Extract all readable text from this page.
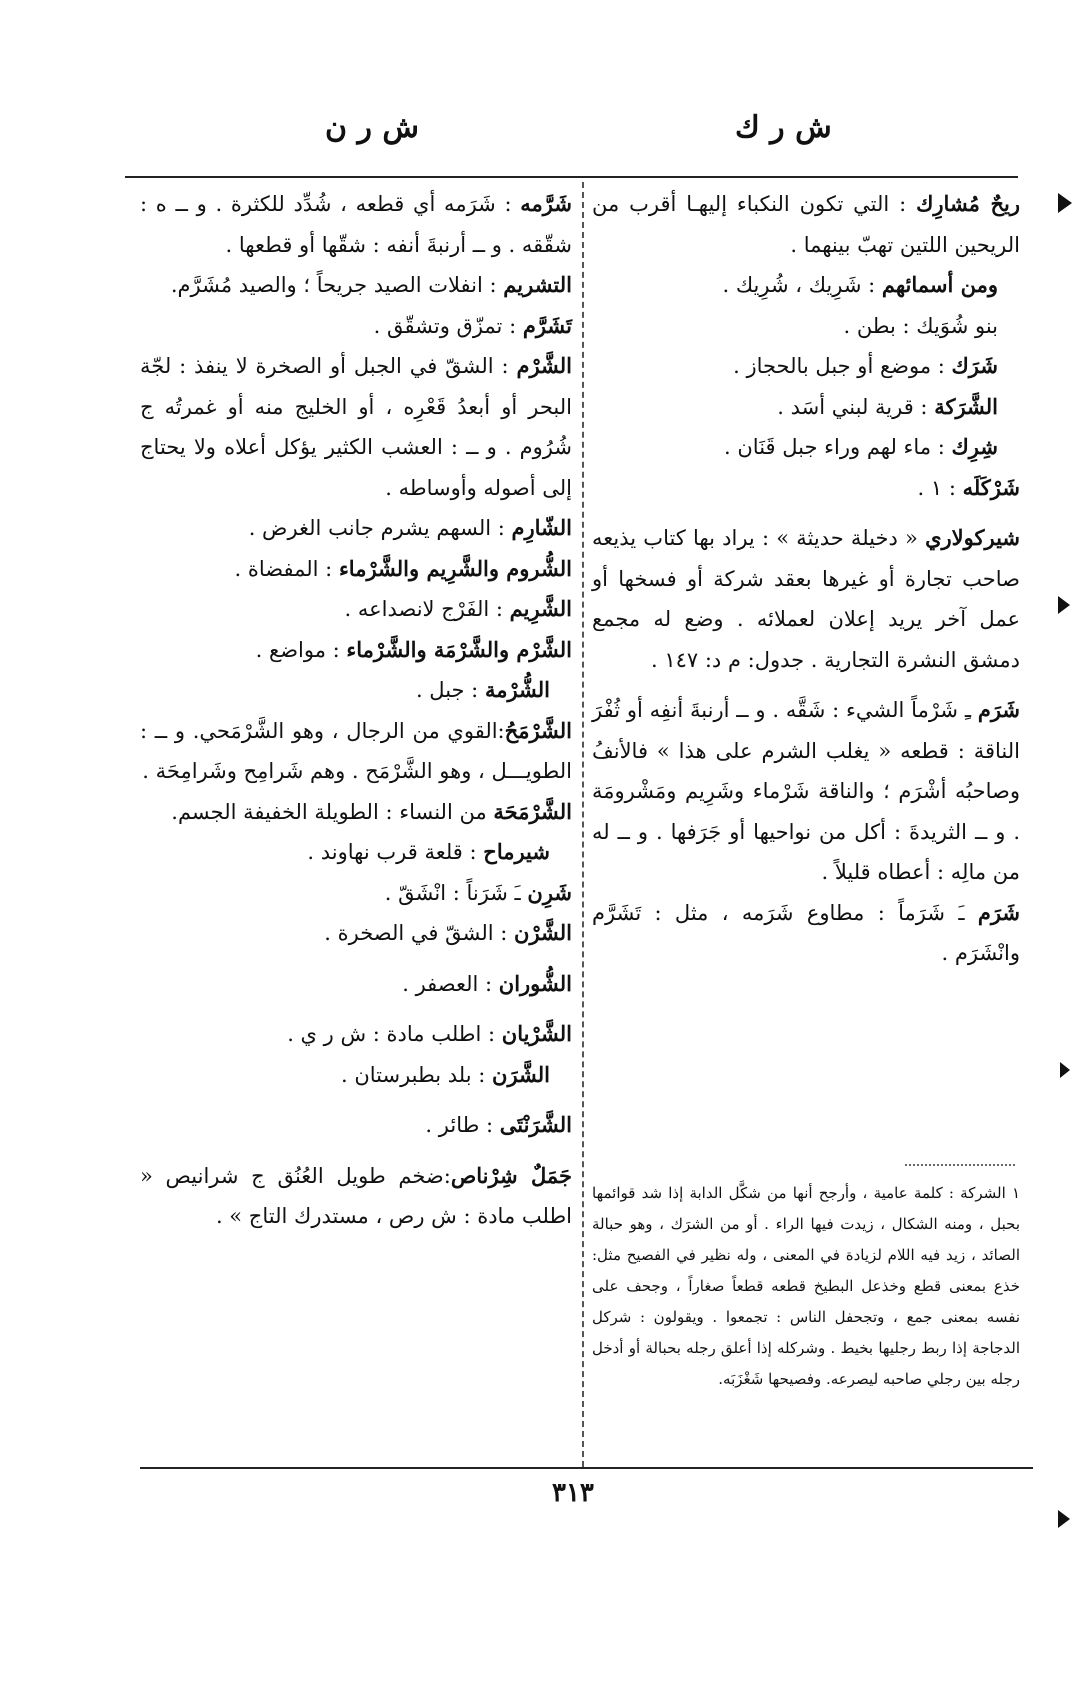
ش ر ك
ش ر ن

ريحٌ مُشارِك : التي تكون النكباء إليهـا أقرب من الريحين اللتين تهبّ بينهما .

ومن أسمائهم : شَرِيك ، شُرِيك .

بنو شُوَيك : بطن .

شَرَك : موضع أو جبل بالحجاز .

الشَّرَكة : قرية لبني أسَد .

شِرِك : ماء لهم وراء جبل قَنَان .

شَرْكَلَه : ١ .

شيركولاري « دخيلة حديثة » : يراد بها كتاب يذيعه صاحب تجارة أو غيرها بعقد شركة أو فسخها أو عمل آخر يريد إعلان لعملائه . وضع له مجمع دمشق النشرة التجارية . جدول: م د: ١٤٧ .

شَرَم ـِ شَرْماً الشيء : شَقَّه . و ــ أرنبةَ أنفِه أو ثُفْرَ الناقة : قطعه « يغلب الشرم على هذا » فالأنفُ وصاحبُه أشْرَم ؛ والناقة شَرْماء وشَرِيم ومَشْرومَة . و ــ الثريدةَ : أكل من نواحيها أو جَرَفها . و ــ له من مالِه : أعطاه قليلاً .

شَرَم ـَ شَرَماً : مطاوع شَرَمه ، مثل : تَشَرَّم وانْشَرَم .

شَرَّمه : شَرَمه أي قطعه ، شُدِّد للكثرة . و ــ ه : شقّقه . و ــ أرنبةَ أنفه : شقّها أو قطعها .

التشريم : انفلات الصيد جريحاً ؛ والصيد مُشَرَّم.

تَشَرَّم : تمزّق وتشقّق .

الشَّرْم : الشقّ في الجبل أو الصخرة لا ينفذ : لجّة البحر أو أبعدُ قَعْرِه ، أو الخليج منه أو غمرتُه ج شُرُوم . و ــ : العشب الكثير يؤكل أعلاه ولا يحتاج إلى أصوله وأوساطه .

الشّارِم : السهم يشرم جانب الغرض .

الشُّروم والشَّرِيم والشَّرْماء : المفضاة .

الشَّرِيم : الفَرْج لانصداعه .

الشَّرْم والشَّرْمَة والشَّرْماء : مواضع .

الشُّرْمة : جبل .

الشَّرْمَحُ:القوي من الرجال ، وهو الشَّرْمَحي. و ــ : الطويـــل ، وهو الشَّرْمَح . وهم شَرامِح وشَرامِحَة .

الشَّرْمَحَة من النساء : الطويلة الخفيفة الجسم.

شيرماح : قلعة قرب نهاوند .

شَرِن ـَ شَرَناً : انْشَقّ .

الشَّرْن : الشقّ في الصخرة .

الشُّوران : العصفر .

الشَّرْيان : اطلب مادة : ش ر ي .

الشَّرَن : بلد بطبرستان .

الشَّرَنْتَى : طائر .

جَمَلٌ شِرْناص:ضخم طويل العُنُق ج شرانيص « اطلب مادة : ش رص ، مستدرك التاج » .

١ الشركة : كلمة عامية ، وأرجح أنها من شكَّل الدابة إذا شد قوائمها بحبل ، ومنه الشكال ، زيدت فيها الراء . أو من الشرَك ، وهو حبالة الصائد ، زيد فيه اللام لزيادة في المعنى ، وله نظير في الفصيح مثل: خذع بمعنى قطع وخذعل البطيخ قطعه قطعاً صغاراً ، وجحف على نفسه بمعنى جمع ، وتجحفل الناس : تجمعوا . ويقولون : شركل الدجاجة إذا ربط رجليها بخيط . وشركله إذا أعلق رجله بحبالة أو أدخل رجله بين رجلي صاحبه ليصرعه. وفصيحها شَغْزَبَه.

٣١٣
